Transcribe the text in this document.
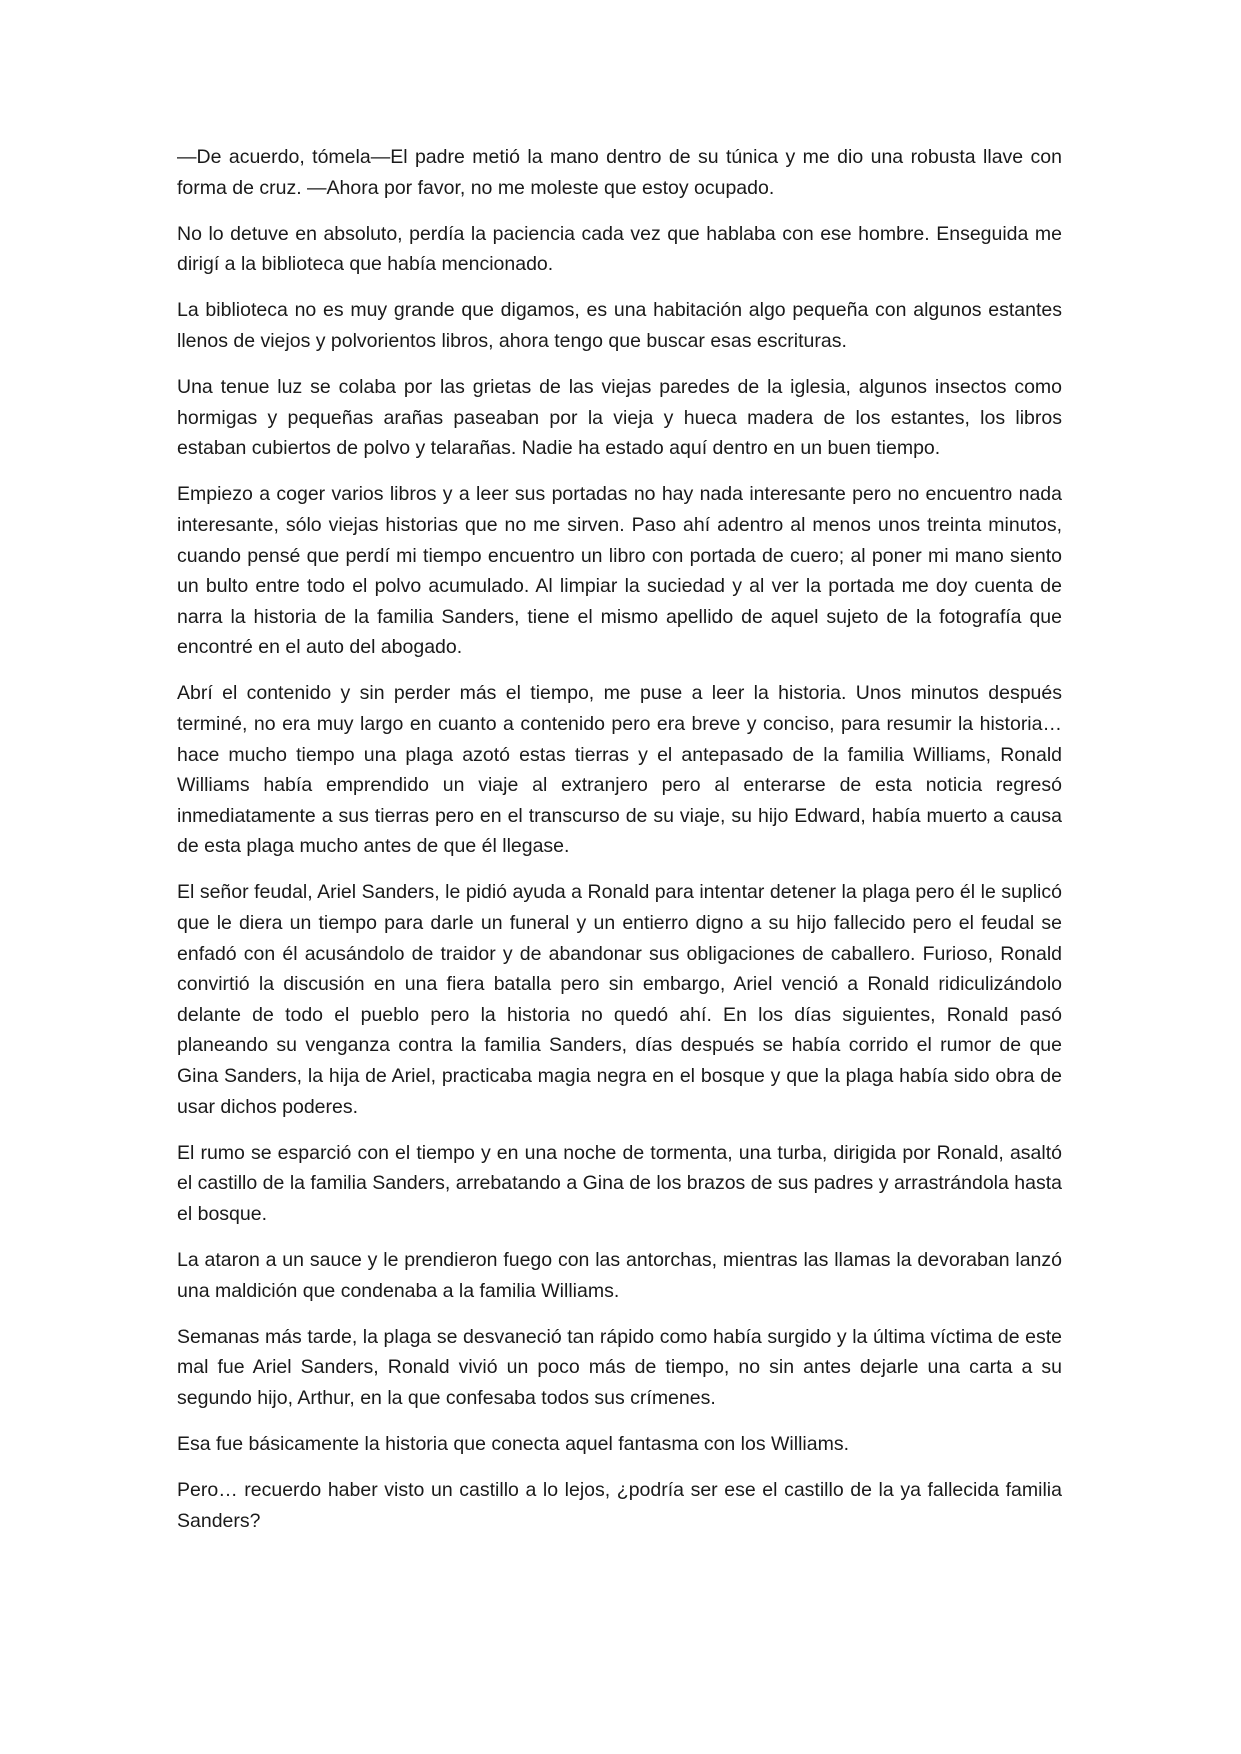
—De acuerdo, tómela—El padre metió la mano dentro de su túnica y me dio una robusta llave con forma de cruz. —Ahora por favor, no me moleste que estoy ocupado.

No lo detuve en absoluto, perdía la paciencia cada vez que hablaba con ese hombre. Enseguida me dirigí a la biblioteca que había mencionado.

La biblioteca no es muy grande que digamos, es una habitación algo pequeña con algunos estantes llenos de viejos y polvorientos libros, ahora tengo que buscar esas escrituras.

Una tenue luz se colaba por las grietas de las viejas paredes de la iglesia, algunos insectos como hormigas y pequeñas arañas paseaban por la vieja y hueca madera de los estantes, los libros estaban cubiertos de polvo y telarañas. Nadie ha estado aquí dentro en un buen tiempo.

Empiezo a coger varios libros y a leer sus portadas no hay nada interesante pero no encuentro nada interesante, sólo viejas historias que no me sirven. Paso ahí adentro al menos unos treinta minutos, cuando pensé que perdí mi tiempo encuentro un libro con portada de cuero; al poner mi mano siento un bulto entre todo el polvo acumulado. Al limpiar la suciedad y al ver la portada me doy cuenta de narra la historia de la familia Sanders, tiene el mismo apellido de aquel sujeto de la fotografía que encontré en el auto del abogado.

Abrí el contenido y sin perder más el tiempo, me puse a leer la historia. Unos minutos después terminé, no era muy largo en cuanto a contenido pero era breve y conciso, para resumir la historia… hace mucho tiempo una plaga azotó estas tierras y el antepasado de la familia Williams, Ronald Williams había emprendido un viaje al extranjero pero al enterarse de esta noticia regresó inmediatamente a sus tierras pero en el transcurso de su viaje, su hijo Edward, había muerto a causa de esta plaga mucho antes de que él llegase.

El señor feudal, Ariel Sanders, le pidió ayuda a Ronald para intentar detener la plaga pero él le suplicó que le diera un tiempo para darle un funeral y un entierro digno a su hijo fallecido pero el feudal se enfadó con él acusándolo de traidor y de abandonar sus obligaciones de caballero. Furioso, Ronald convirtió la discusión en una fiera batalla pero sin embargo, Ariel venció a Ronald ridiculizándolo delante de todo el pueblo pero la historia no quedó ahí. En los días siguientes, Ronald pasó planeando su venganza contra la familia Sanders, días después se había corrido el rumor de que Gina Sanders, la hija de Ariel, practicaba magia negra en el bosque y que la plaga había sido obra de usar dichos poderes.

El rumo se esparció con el tiempo y en una noche de tormenta, una turba, dirigida por Ronald, asaltó el castillo de la familia Sanders, arrebatando a Gina de los brazos de sus padres y arrastrándola hasta el bosque.

La ataron a un sauce y le prendieron fuego con las antorchas, mientras las llamas la devoraban lanzó una maldición que condenaba a la familia Williams.

Semanas más tarde, la plaga se desvaneció tan rápido como había surgido y la última víctima de este mal fue Ariel Sanders, Ronald vivió un poco más de tiempo, no sin antes dejarle una carta a su segundo hijo, Arthur, en la que confesaba todos sus crímenes.

Esa fue básicamente la historia que conecta aquel fantasma con los Williams.

Pero… recuerdo haber visto un castillo a lo lejos, ¿podría ser ese el castillo de la ya fallecida familia Sanders?
